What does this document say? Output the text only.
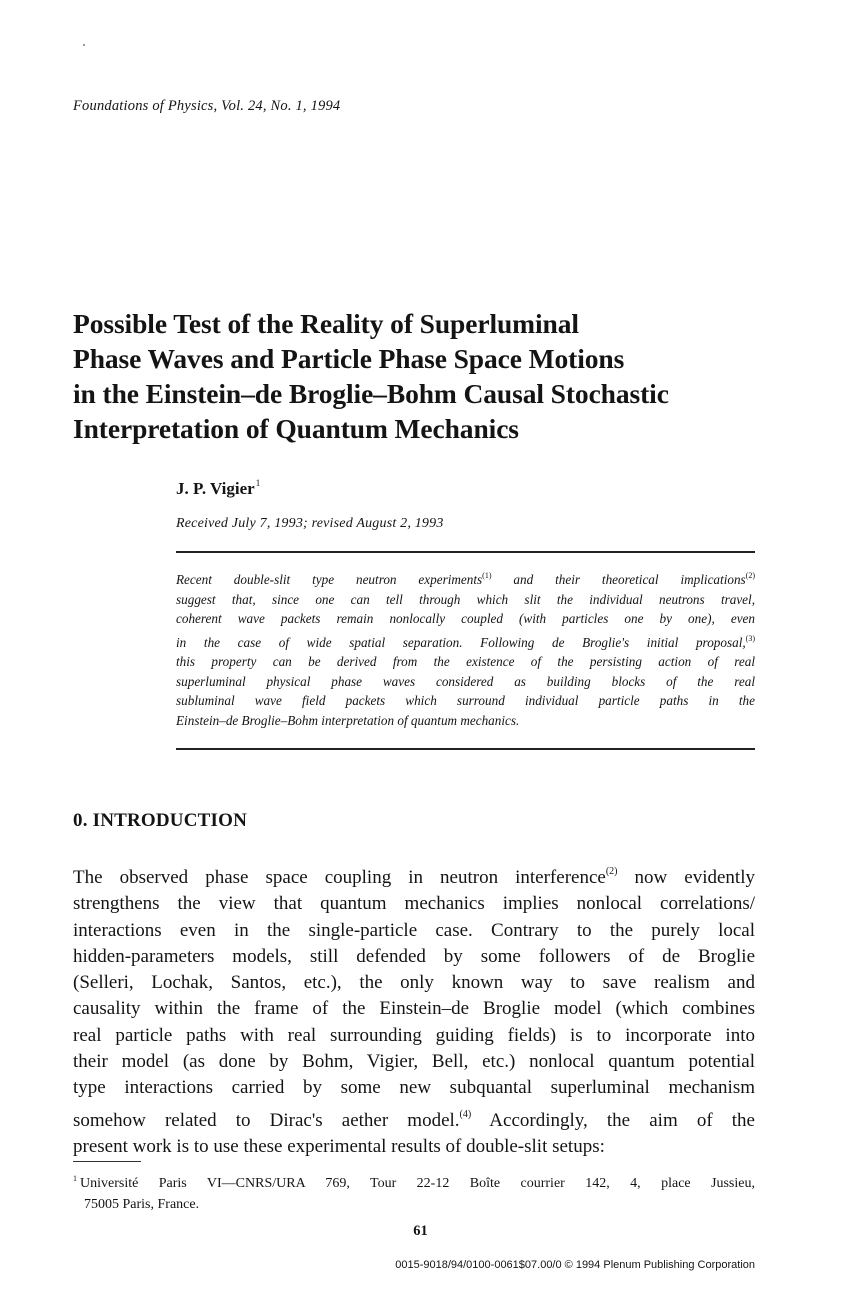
Foundations of Physics, Vol. 24, No. 1, 1994
Possible Test of the Reality of Superluminal
Phase Waves and Particle Phase Space Motions
in the Einstein–de Broglie–Bohm Causal Stochastic
Interpretation of Quantum Mechanics
J. P. Vigier$^1$
Received July 7, 1993; revised August 2, 1993
Recent double-slit type neutron experiments$^{(1)}$ and their theoretical implications$^{(2)}$
suggest that, since one can tell through which slit the individual neutrons travel,
coherent wave packets remain nonlocally coupled (with particles one by one), even
in the case of wide spatial separation. Following de Broglie's initial proposal,$^{(3)}$
this property can be derived from the existence of the persisting action of real
superluminal physical phase waves considered as building blocks of the real
subluminal wave field packets which surround individual particle paths in the
Einstein–de Broglie–Bohm interpretation of quantum mechanics.
0. INTRODUCTION
The observed phase space coupling in neutron interference$^{(2)}$ now evidently
strengthens the view that quantum mechanics implies nonlocal correlations/
interactions even in the single-particle case. Contrary to the purely local
hidden-parameters models, still defended by some followers of de Broglie
(Selleri, Lochak, Santos, etc.), the only known way to save realism and
causality within the frame of the Einstein–de Broglie model (which combines
real particle paths with real surrounding guiding fields) is to incorporate into
their model (as done by Bohm, Vigier, Bell, etc.) nonlocal quantum potential
type interactions carried by some new subquantal superluminal mechanism
somehow related to Dirac's aether model.$^{(4)}$ Accordingly, the aim of the
present work is to use these experimental results of double-slit setups:
$^1$ Université Paris VI—CNRS/URA 769, Tour 22-12 Boîte courrier 142, 4, place Jussieu,
75005 Paris, France.
61
0015-9018/94/0100-0061$07.00/0 © 1994 Plenum Publishing Corporation
